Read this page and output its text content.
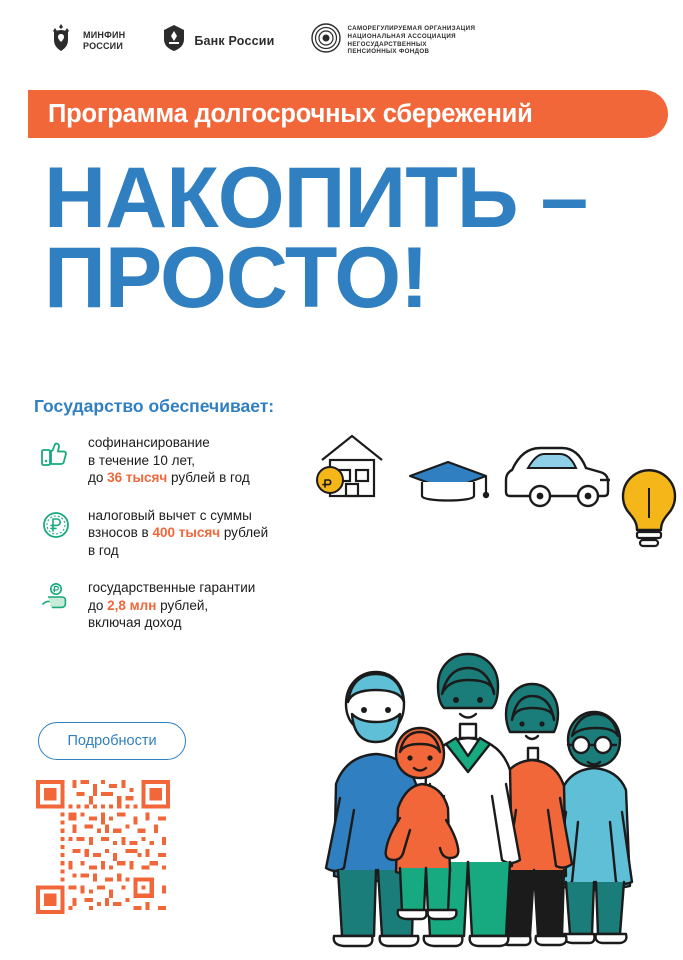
МИНФИН
РОССИИ	Банк России
САМОРЕГУЛИРУЕМАЯ ОРГАНИЗАЦИЯ
НАЦИОНАЛЬНАЯ АССОЦИАЦИЯ
НЕГОСУДАРСТВЕННЫХ
ПЕНСИОННЫХ ФОНДОВ
Программа долгосрочных сбережений
НАКОПИТЬ –
ПРОСТО!
Государство обеспечивает:
софинансирование
в течение 10 лет,
до 36 тысяч рублей в год
налоговый вычет с суммы
взносов в 400 тысяч рублей
в год
государственные гарантии
до 2,8 млн рублей,
включая доход
Подробности
